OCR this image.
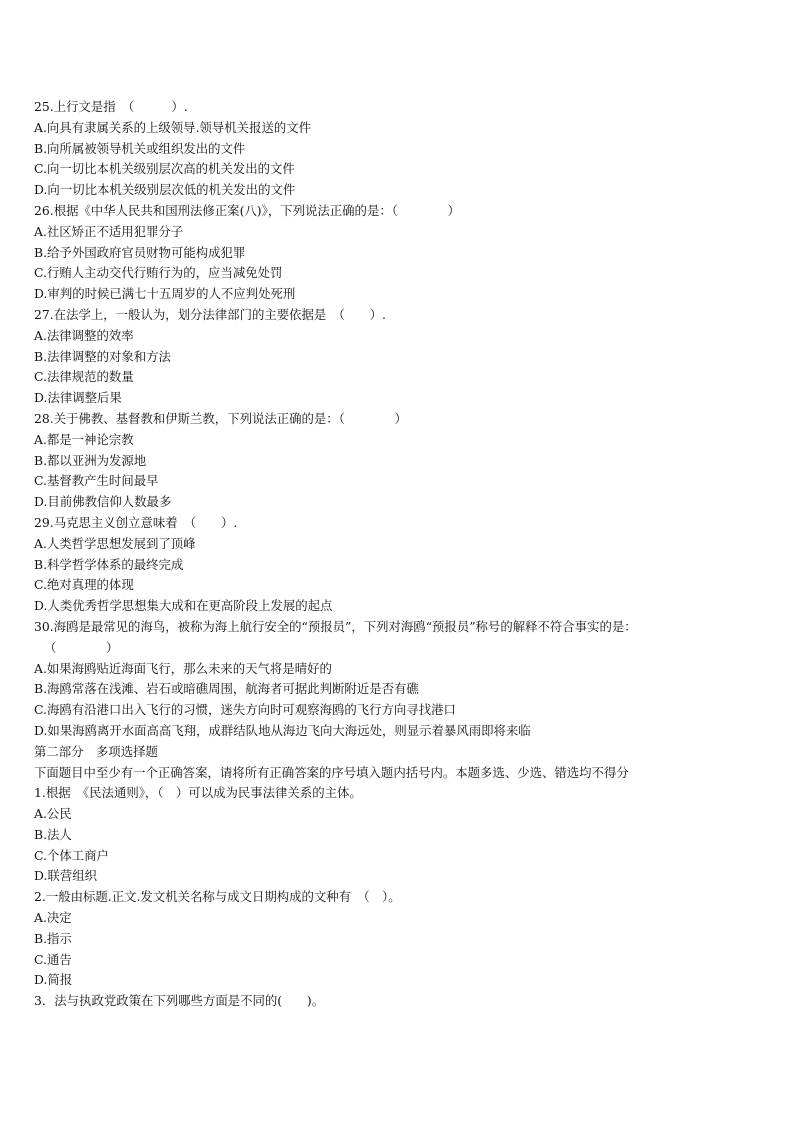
25.上行文是指　（　　　）.
A.向具有隶属关系的上级领导.领导机关报送的文件
B.向所属被领导机关或组织发出的文件
C.向一切比本机关级别层次高的机关发出的文件
D.向一切比本机关级别层次低的机关发出的文件
26.根据《中华人民共和国刑法修正案(八)》，下列说法正确的是：（　　　　）
A.社区矫正不适用犯罪分子
B.给予外国政府官员财物可能构成犯罪
C.行贿人主动交代行贿行为的，应当减免处罚
D.审判的时候已满七十五周岁的人不应判处死刑
27.在法学上，一般认为，划分法律部门的主要依据是　（　　）.
A.法律调整的效率
B.法律调整的对象和方法
C.法律规范的数量
D.法律调整后果
28.关于佛教、基督教和伊斯兰教，下列说法正确的是：（　　　　）
A.都是一神论宗教
B.都以亚洲为发源地
C.基督教产生时间最早
D.目前佛教信仰人数最多
29.马克思主义创立意味着　（　　）.
A.人类哲学思想发展到了顶峰
B.科学哲学体系的最终完成
C.绝对真理的体现
D.人类优秀哲学思想集大成和在更高阶段上发展的起点
30.海鸥是最常见的海鸟，被称为海上航行安全的“预报员”，下列对海鸥“预报员”称号的解释不符合事实的是：
（　　　　）
A.如果海鸥贴近海面飞行，那么未来的天气将是晴好的
B.海鸥常落在浅滩、岩石或暗礁周围，航海者可据此判断附近是否有礁
C.海鸥有沿港口出入飞行的习惯，迷失方向时可观察海鸥的飞行方向寻找港口
D.如果海鸥离开水面高高飞翔，成群结队地从海边飞向大海远处，则显示着暴风雨即将来临
第二部分　多项选择题
下面题目中至少有一个正确答案，请将所有正确答案的序号填入题内括号内。本题多选、少选、错选均不得分
1.根据　《民法通则》，（　）可以成为民事法律关系的主体。
A.公民
B.法人
C.个体工商户
D.联营组织
2.一般由标题.正文.发文机关名称与成文日期构成的文种有　（　）。
A.决定
B.指示
C.通告
D.简报
3．法与执政党政策在下列哪些方面是不同的(　　)。
